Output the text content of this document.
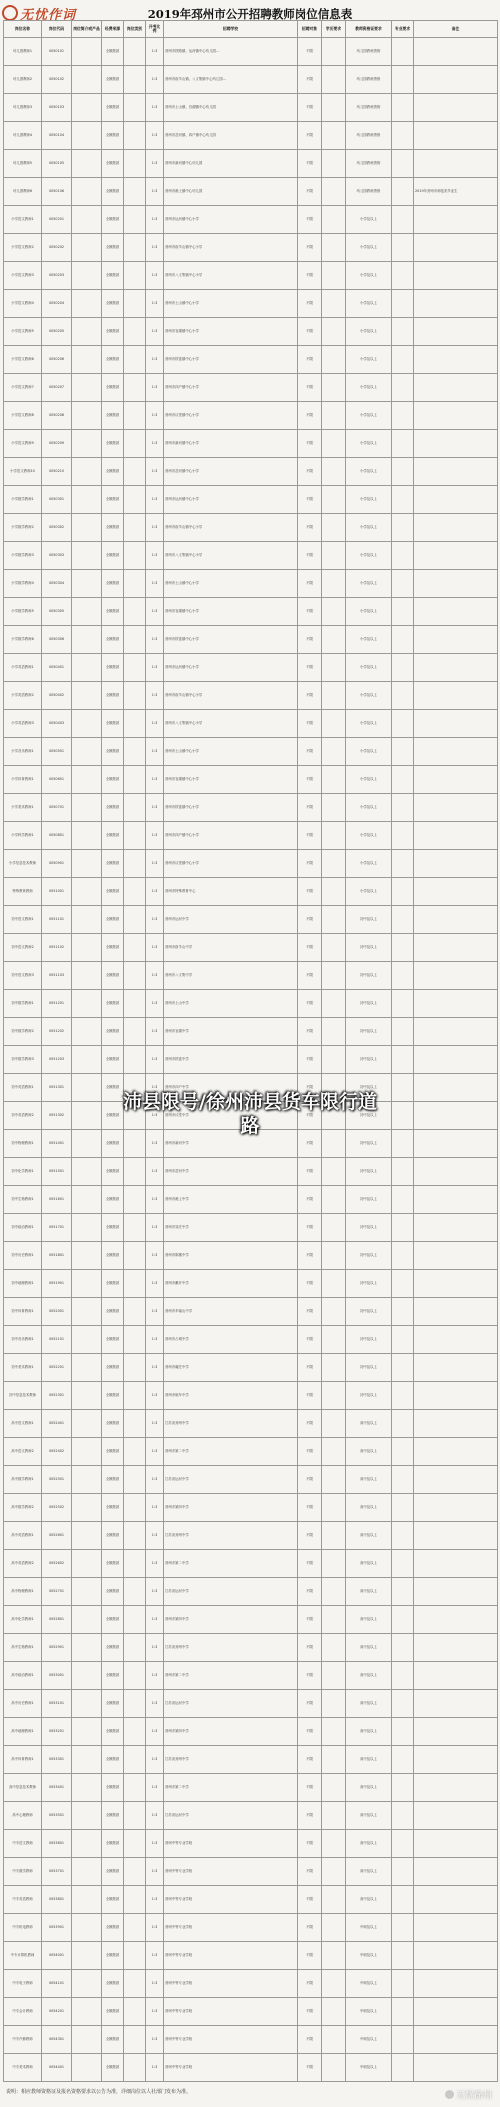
无忧作词	2019年邳州市公开招聘教师岗位信息表
岗位名称	岗位代码	岗位简介或产品	经费来源	岗位类别	开考比例	招聘学校	招聘对象	学历要求	教师资格证要求	专业要求	备注
幼儿园教师1	0050101		全额拨款		1:3	邳州市铁路镇、运河镇中心幼儿园...	不限		幼儿园教师资格		
幼儿园教师2	0050102		全额拨款		1:3	邳州市宿羊山镇、八义集镇中心幼儿园...	不限		幼儿园教师资格		
幼儿园教师3	0050103		全额拨款		1:3	邳州市土山镇、官湖镇中心幼儿园	不限		幼儿园教师资格		
幼儿园教师4	0050104		全额拨款		1:3	邳州市岔河镇、四户镇中心幼儿园	不限		幼儿园教师资格		
幼儿园教师5	0050105		全额拨款		1:3	邳州市新河镇中心幼儿园	不限		幼儿园教师资格		
幼儿园教师6	0050106		全额拨款		1:3	邳州市港上镇中心幼儿园	不限		幼儿园教师资格		2019年邳州市师范类毕业生
小学语文教师1	0050201		全额拨款		1:3	邳州市运河镇中心小学	不限		小学及以上		
小学语文教师2	0050202		全额拨款		1:3	邳州市宿羊山镇中心小学	不限		小学及以上		
小学语文教师3	0050203		全额拨款		1:3	邳州市八义集镇中心小学	不限		小学及以上		
小学语文教师4	0050204		全额拨款		1:3	邳州市土山镇中心小学	不限		小学及以上		
小学语文教师5	0050205		全额拨款		1:3	邳州市官湖镇中心小学	不限		小学及以上		
小学语文教师6	0050206		全额拨款		1:3	邳州市铁富镇中心小学	不限		小学及以上		
小学语文教师7	0050207		全额拨款		1:3	邳州市四户镇中心小学	不限		小学及以上		
小学语文教师8	0050208		全额拨款		1:3	邳州市议堂镇中心小学	不限		小学及以上		
小学语文教师9	0050209		全额拨款		1:3	邳州市新河镇中心小学	不限		小学及以上		
小学语文教师10	0050210		全额拨款		1:3	邳州市岔河镇中心小学	不限		小学及以上		
小学数学教师1	0050301		全额拨款		1:3	邳州市运河镇中心小学	不限		小学及以上		
小学数学教师2	0050302		全额拨款		1:3	邳州市宿羊山镇中心小学	不限		小学及以上		
小学数学教师3	0050303		全额拨款		1:3	邳州市八义集镇中心小学	不限		小学及以上		
小学数学教师4	0050304		全额拨款		1:3	邳州市土山镇中心小学	不限		小学及以上		
小学数学教师5	0050305		全额拨款		1:3	邳州市官湖镇中心小学	不限		小学及以上		
小学数学教师6	0050306		全额拨款		1:3	邳州市铁富镇中心小学	不限		小学及以上		
小学英语教师1	0050401		全额拨款		1:3	邳州市运河镇中心小学	不限		小学及以上		
小学英语教师2	0050402		全额拨款		1:3	邳州市宿羊山镇中心小学	不限		小学及以上		
小学英语教师3	0050403		全额拨款		1:3	邳州市八义集镇中心小学	不限		小学及以上		
小学音乐教师1	0050501		全额拨款		1:3	邳州市土山镇中心小学	不限		小学及以上		
小学体育教师1	0050601		全额拨款		1:3	邳州市官湖镇中心小学	不限		小学及以上		
小学美术教师1	0050701		全额拨款		1:3	邳州市铁富镇中心小学	不限		小学及以上		
小学科学教师1	0050801		全额拨款		1:3	邳州市四户镇中心小学	不限		小学及以上		
小学信息技术教师	0050901		全额拨款		1:3	邳州市议堂镇中心小学	不限		小学及以上		
特殊教育教师	0051001		全额拨款		1:3	邳州市特殊教育中心	不限		小学及以上		
初中语文教师1	0051101		全额拨款		1:3	邳州市运河中学	不限		初中及以上		
初中语文教师2	0051102		全额拨款		1:3	邳州市宿羊山中学	不限		初中及以上		
初中语文教师3	0051103		全额拨款		1:3	邳州市八义集中学	不限		初中及以上		
初中数学教师1	0051201		全额拨款		1:3	邳州市土山中学	不限		初中及以上		
初中数学教师2	0051202		全额拨款		1:3	邳州市官湖中学	不限		初中及以上		
初中数学教师3	0051203		全额拨款		1:3	邳州市铁富中学	不限		初中及以上		
初中英语教师1	0051301		全额拨款		1:3	邳州市四户中学	不限		初中及以上		
初中英语教师2	0051302		全额拨款		1:3	邳州市议堂中学	不限		初中及以上		
初中物理教师1	0051401		全额拨款		1:3	邳州市新河中学	不限		初中及以上		
初中化学教师1	0051501		全额拨款		1:3	邳州市岔河中学	不限		初中及以上		
初中生物教师1	0051601		全额拨款		1:3	邳州市港上中学	不限		初中及以上		
初中政治教师1	0051701		全额拨款		1:3	邳州市邹庄中学	不限		初中及以上		
初中历史教师1	0051801		全额拨款		1:3	邳州市陈楼中学	不限		初中及以上		
初中地理教师1	0051901		全额拨款		1:3	邳州市戴圩中学	不限		初中及以上		
初中体育教师1	0052001		全额拨款		1:3	邳州市车辐山中学	不限		初中及以上		
初中音乐教师1	0052101		全额拨款		1:3	邳州市占城中学	不限		初中及以上		
初中美术教师1	0052201		全额拨款		1:3	邳州市碾庄中学	不限		初中及以上		
初中信息技术教师	0052301		全额拨款		1:3	邳州市炮车中学	不限		初中及以上		
高中语文教师1	0052401		全额拨款		1:3	江苏省邳州中学	不限		高中及以上		
高中语文教师2	0052402		全额拨款		1:3	邳州市第二中学	不限		高中及以上		
高中数学教师1	0052501		全额拨款		1:3	江苏省运河中学	不限		高中及以上		
高中数学教师2	0052502		全额拨款		1:3	邳州市第四中学	不限		高中及以上		
高中英语教师1	0052601		全额拨款		1:3	江苏省邳州中学	不限		高中及以上		
高中英语教师2	0052602		全额拨款		1:3	邳州市第二中学	不限		高中及以上		
高中物理教师1	0052701		全额拨款		1:3	江苏省运河中学	不限		高中及以上		
高中化学教师1	0052801		全额拨款		1:3	邳州市第四中学	不限		高中及以上		
高中生物教师1	0052901		全额拨款		1:3	江苏省邳州中学	不限		高中及以上		
高中政治教师1	0053001		全额拨款		1:3	邳州市第二中学	不限		高中及以上		
高中历史教师1	0053101		全额拨款		1:3	江苏省运河中学	不限		高中及以上		
高中地理教师1	0053201		全额拨款		1:3	邳州市第四中学	不限		高中及以上		
高中体育教师1	0053301		全额拨款		1:3	江苏省邳州中学	不限		高中及以上		
高中信息技术教师	0053401		全额拨款		1:3	邳州市第二中学	不限		高中及以上		
高中心理教师	0053501		全额拨款		1:3	江苏省运河中学	不限		高中及以上		
中专语文教师	0053601		全额拨款		1:3	邳州中等专业学校	不限		高中及以上		
中专数学教师	0053701		全额拨款		1:3	邳州中等专业学校	不限		高中及以上		
中专英语教师	0053801		全额拨款		1:3	邳州中等专业学校	不限		高中及以上		
中专机电教师	0053901		全额拨款		1:3	邳州中等专业学校	不限		中职及以上		
中专计算机教师	0054001		全额拨款		1:3	邳州中等专业学校	不限		中职及以上		
中专电子教师	0054101		全额拨款		1:3	邳州中等专业学校	不限		中职及以上		
中专会计教师	0054201		全额拨款		1:3	邳州中等专业学校	不限		中职及以上		
中专汽修教师	0054301		全额拨款		1:3	邳州中等专业学校	不限		中职及以上		
中专美术教师	0054401		全额拨款		1:3	邳州中等专业学校	不限		中职及以上		
沛县限号/徐州沛县货车限行道路
说明：相应教师资格证及报名资格要求以公告为准，详细岗位以人社部门发布为准。	无忧徐州
